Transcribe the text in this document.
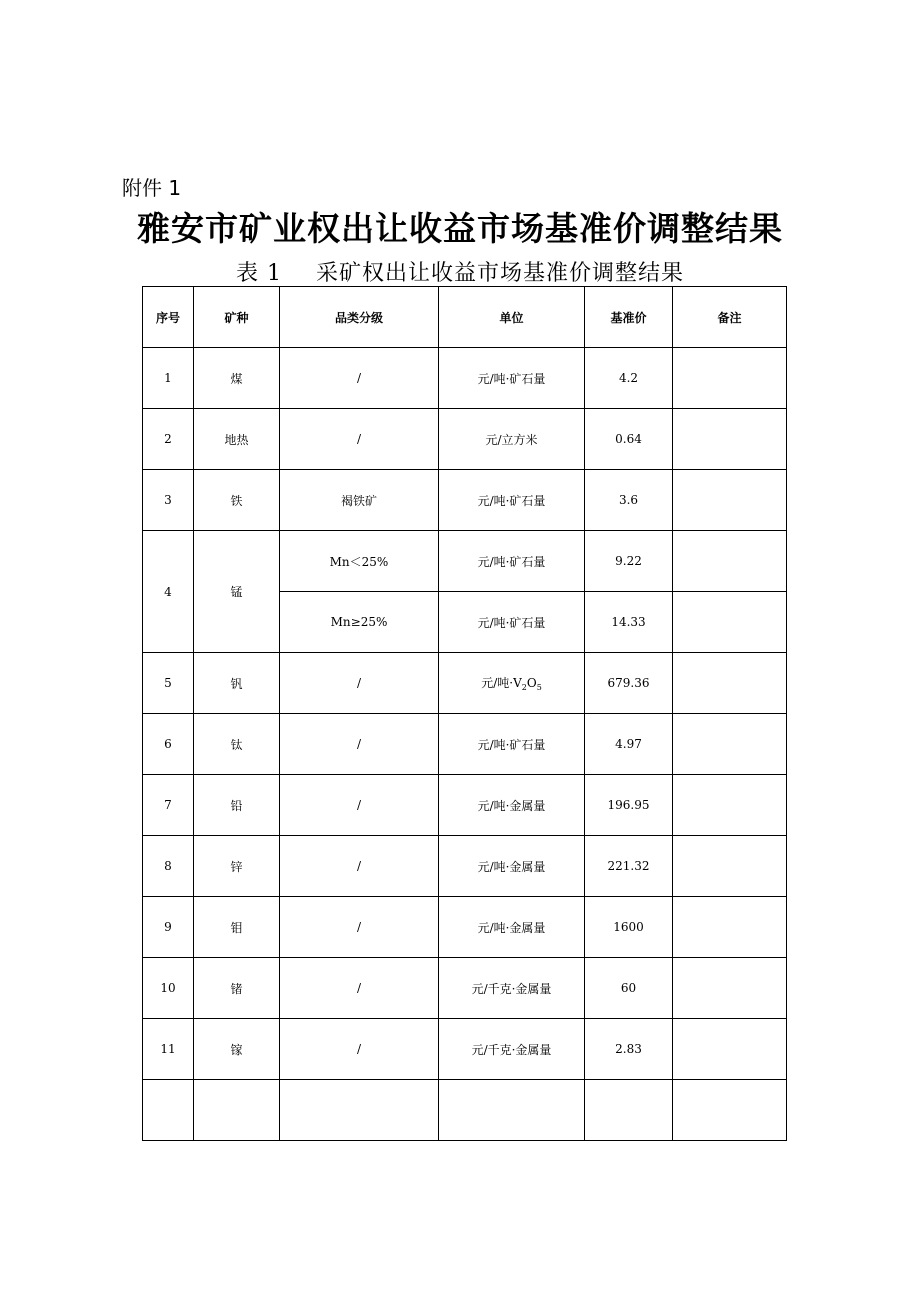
附件 1
雅安市矿业权出让收益市场基准价调整结果
表 1 采矿权出让收益市场基准价调整结果
序号	矿种	品类分级	单位	基准价	备注
1	煤	/	元/吨·矿石量	4.2	
2	地热	/	元/立方米	0.64	
3	铁	褐铁矿	元/吨·矿石量	3.6	
4	锰	Mn＜25%	元/吨·矿石量	9.22	
		Mn≥25%	元/吨·矿石量	14.33	
5	钒	/	元/吨$\cdot V_2O_5$	679.36	
6	钛	/	元/吨·矿石量	4.97	
7	铅	/	元/吨·金属量	196.95	
8	锌	/	元/吨·金属量	221.32	
9	钼	/	元/吨·金属量	1600	
10	锗	/	元/千克·金属量	60	
11	镓	/	元/千克·金属量	2.83	
